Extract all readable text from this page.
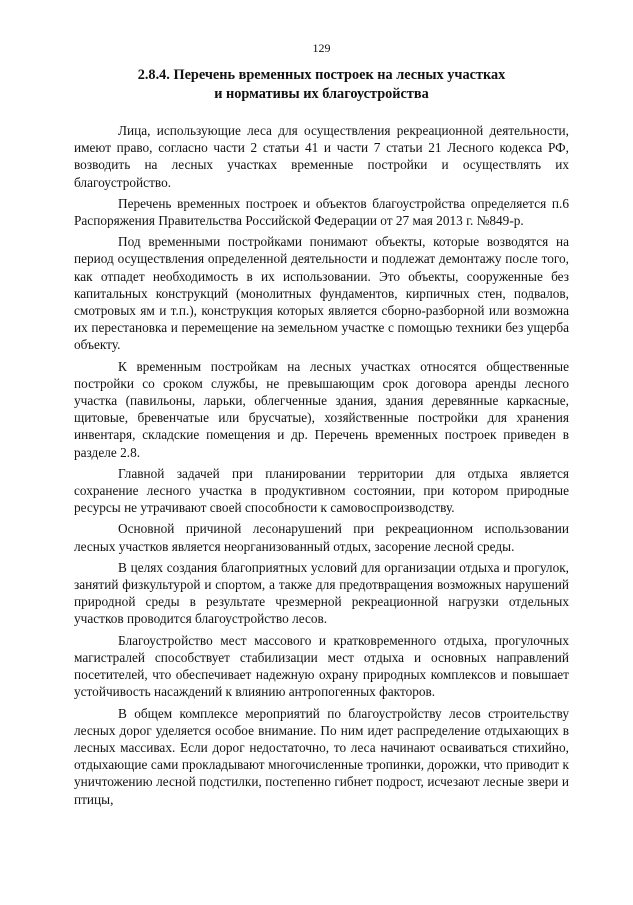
129
2.8.4. Перечень временных построек на лесных участках
и нормативы их благоустройства

Лица, использующие леса для осуществления рекреационной деятельности, имеют право, согласно части 2 статьи 41 и части 7 статьи 21 Лесного кодекса РФ, возводить на лесных участках временные постройки и осуществлять их благоустройство.

Перечень временных построек и объектов благоустройства определяется п.6 Распоряжения Правительства Российской Федерации от 27 мая 2013 г. №849-р.

Под временными постройками понимают объекты, которые возводятся на период осуществления определенной деятельности и подлежат демонтажу после того, как отпадет необходимость в их использовании. Это объекты, сооруженные без капитальных конструкций (монолитных фундаментов, кирпичных стен, подвалов, смотровых ям и т.п.), конструкция которых является сборно-разборной или возможна их перестановка и перемещение на земельном участке с помощью техники без ущерба объекту.

К временным постройкам на лесных участках относятся общественные постройки со сроком службы, не превышающим срок договора аренды лесного участка (павильоны, ларьки, облегченные здания, здания деревянные каркасные, щитовые, бревенчатые или брусчатые), хозяйственные постройки для хранения инвентаря, складские помещения и др. Перечень временных построек приведен в разделе 2.8.

Главной задачей при планировании территории для отдыха является сохранение лесного участка в продуктивном состоянии, при котором природные ресурсы не утрачивают своей способности к самовоспроизводству.

Основной причиной лесонарушений при рекреационном использовании лесных участков является неорганизованный отдых, засорение лесной среды.

В целях создания благоприятных условий для организации отдыха и прогулок, занятий физкультурой и спортом, а также для предотвращения возможных нарушений природной среды в результате чрезмерной рекреационной нагрузки отдельных участков проводится благоустройство лесов.

Благоустройство мест массового и кратковременного отдыха, прогулочных магистралей способствует стабилизации мест отдыха и основных направлений посетителей, что обеспечивает надежную охрану природных комплексов и повышает устойчивость насаждений к влиянию антропогенных факторов.

В общем комплексе мероприятий по благоустройству лесов строительству лесных дорог уделяется особое внимание. По ним идет распределение отдыхающих в лесных массивах. Если дорог недостаточно, то леса начинают осваиваться стихийно, отдыхающие сами прокладывают многочисленные тропинки, дорожки, что приводит к уничтожению лесной подстилки, постепенно гибнет подрост, исчезают лесные звери и птицы,
